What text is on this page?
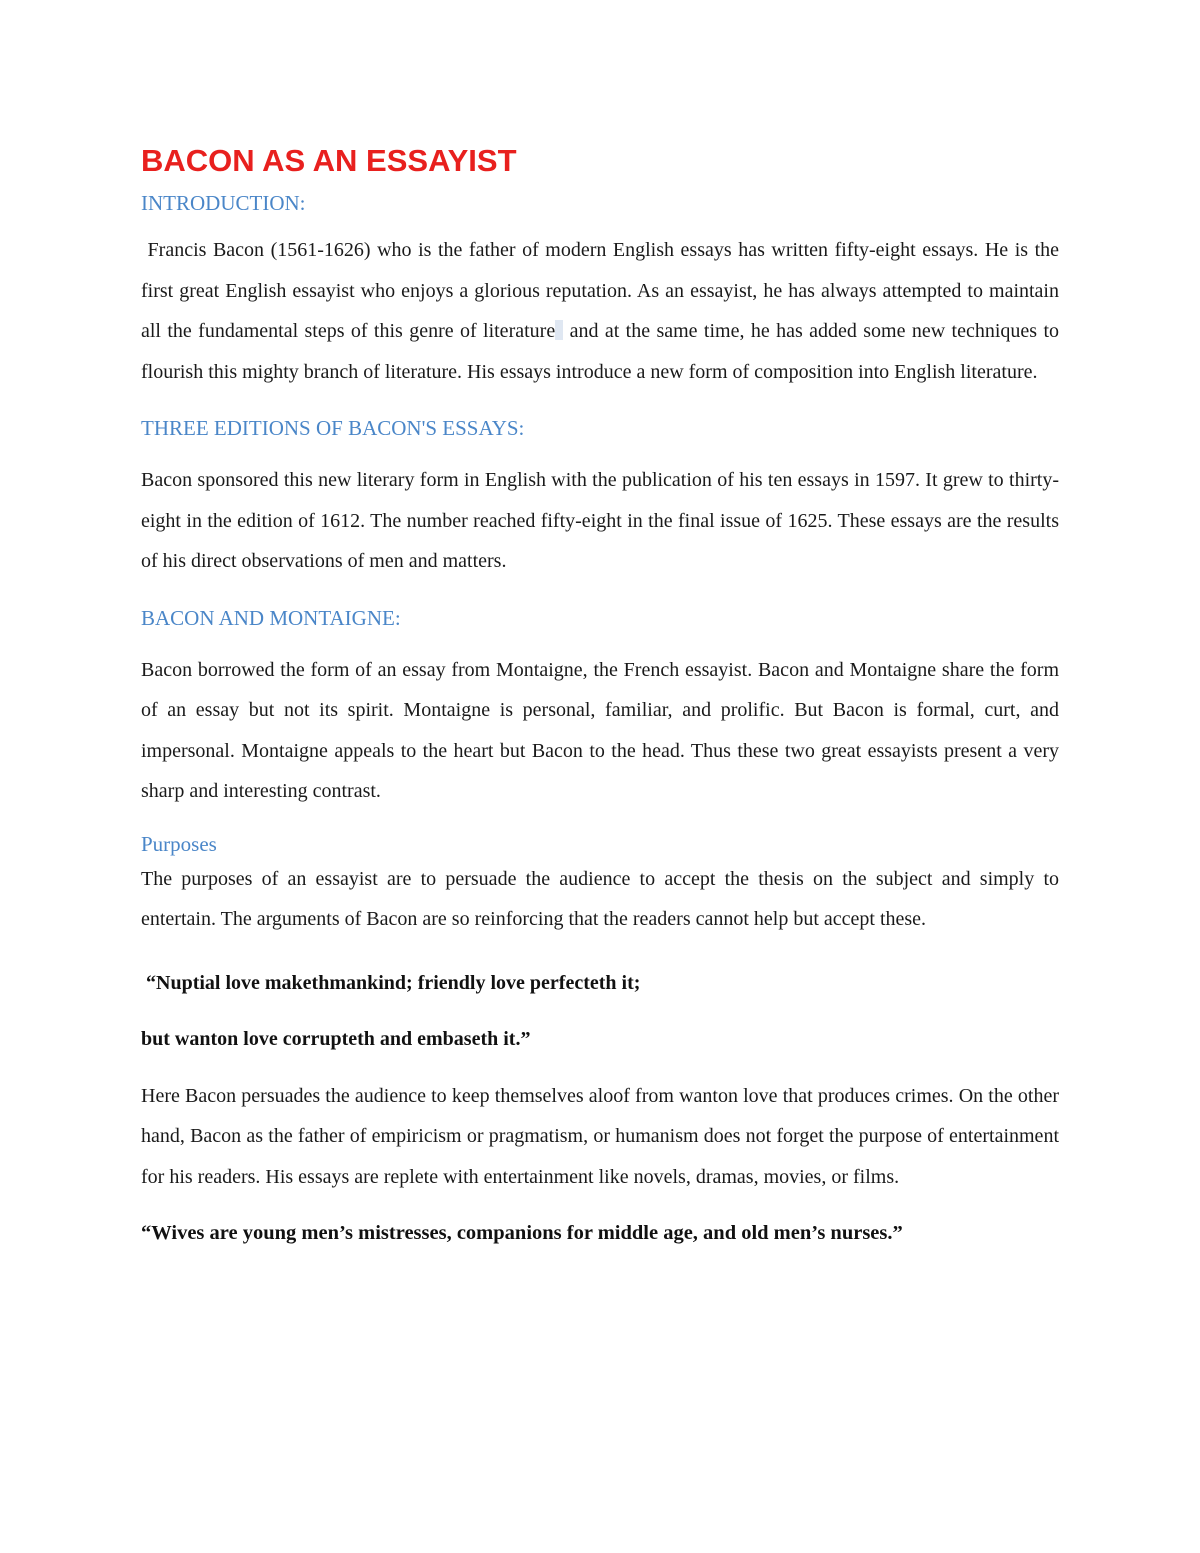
BACON AS AN ESSAYIST
INTRODUCTION:

Francis Bacon (1561-1626) who is the father of modern English essays has written fifty-eight essays. He is the first great English essayist who enjoys a glorious reputation. As an essayist, he has always attempted to maintain all the fundamental steps of this genre of literature and at the same time, he has added some new techniques to flourish this mighty branch of literature. His essays introduce a new form of composition into English literature.

THREE EDITIONS OF BACON'S ESSAYS:

Bacon sponsored this new literary form in English with the publication of his ten essays in 1597. It grew to thirty-eight in the edition of 1612. The number reached fifty-eight in the final issue of 1625. These essays are the results of his direct observations of men and matters.

BACON AND MONTAIGNE:

Bacon borrowed the form of an essay from Montaigne, the French essayist. Bacon and Montaigne share the form of an essay but not its spirit. Montaigne is personal, familiar, and prolific. But Bacon is formal, curt, and impersonal. Montaigne appeals to the heart but Bacon to the head. Thus these two great essayists present a very sharp and interesting contrast.

Purposes

The purposes of an essayist are to persuade the audience to accept the thesis on the subject and simply to entertain. The arguments of Bacon are so reinforcing that the readers cannot help but accept these.

“Nuptial love makethmankind; friendly love perfecteth it;

but wanton love corrupteth and embaseth it.”

Here Bacon persuades the audience to keep themselves aloof from wanton love that produces crimes. On the other hand, Bacon as the father of empiricism or pragmatism, or humanism does not forget the purpose of entertainment for his readers. His essays are replete with entertainment like novels, dramas, movies, or films.

“Wives are young men’s mistresses, companions for middle age, and old men’s nurses.”
